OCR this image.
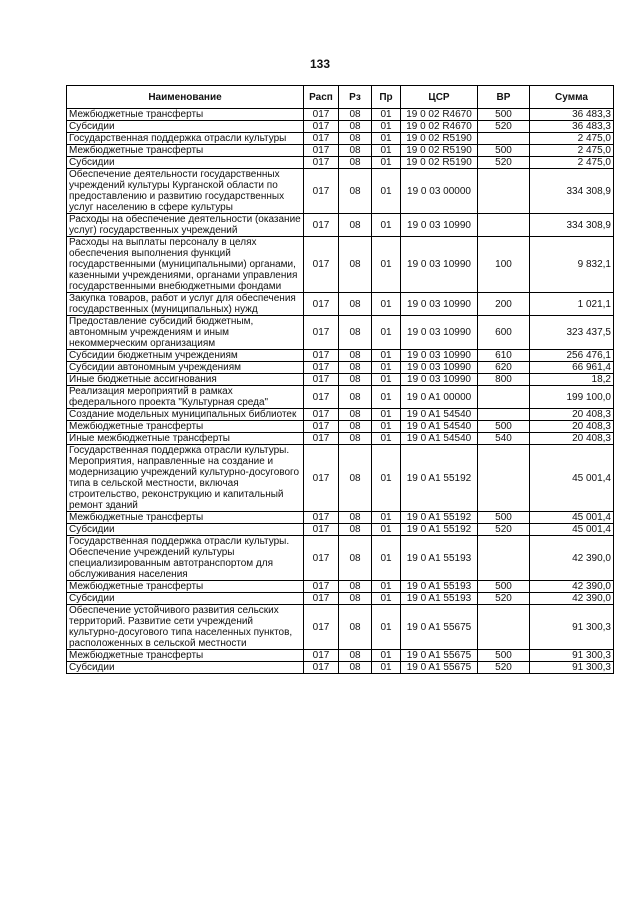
133
Наименование	Расп	Рз	Пр	ЦСР	ВР	Сумма
Межбюджетные трансферты	017	08	01	19 0 02 R4670	500	36 483,3
Субсидии	017	08	01	19 0 02 R4670	520	36 483,3
Государственная поддержка отрасли культуры	017	08	01	19 0 02 R5190		2 475,0
Межбюджетные трансферты	017	08	01	19 0 02 R5190	500	2 475,0
Субсидии	017	08	01	19 0 02 R5190	520	2 475,0
Обеспечение деятельности государственных учреждений культуры Курганской области по предоставлению и развитию государственных услуг населению в сфере культуры	017	08	01	19 0 03 00000		334 308,9
Расходы на обеспечение деятельности (оказание услуг) государственных учреждений	017	08	01	19 0 03 10990		334 308,9
Расходы на выплаты персоналу в целях обеспечения выполнения функций государственными (муниципальными) органами, казенными учреждениями, органами управления государственными внебюджетными фондами	017	08	01	19 0 03 10990	100	9 832,1
Закупка товаров, работ и услуг для обеспечения государственных (муниципальных) нужд	017	08	01	19 0 03 10990	200	1 021,1
Предоставление субсидий бюджетным, автономным учреждениям и иным некоммерческим организациям	017	08	01	19 0 03 10990	600	323 437,5
Субсидии бюджетным учреждениям	017	08	01	19 0 03 10990	610	256 476,1
Субсидии автономным учреждениям	017	08	01	19 0 03 10990	620	66 961,4
Иные бюджетные ассигнования	017	08	01	19 0 03 10990	800	18,2
Реализация мероприятий в рамках федерального проекта "Культурная среда"	017	08	01	19 0 A1 00000		199 100,0
Создание модельных муниципальных библиотек	017	08	01	19 0 A1 54540		20 408,3
Межбюджетные трансферты	017	08	01	19 0 A1 54540	500	20 408,3
Иные межбюджетные трансферты	017	08	01	19 0 A1 54540	540	20 408,3
Государственная поддержка отрасли культуры. Мероприятия, направленные на создание и модернизацию учреждений культурно-досугового типа в сельской местности, включая строительство, реконструкцию и капитальный ремонт зданий	017	08	01	19 0 A1 55192		45 001,4
Межбюджетные трансферты	017	08	01	19 0 A1 55192	500	45 001,4
Субсидии	017	08	01	19 0 A1 55192	520	45 001,4
Государственная поддержка отрасли культуры. Обеспечение учреждений культуры специализированным автотранспортом для обслуживания населения	017	08	01	19 0 A1 55193		42 390,0
Межбюджетные трансферты	017	08	01	19 0 A1 55193	500	42 390,0
Субсидии	017	08	01	19 0 A1 55193	520	42 390,0
Обеспечение устойчивого развития сельских территорий. Развитие сети учреждений культурно-досугового типа населенных пунктов, расположенных в сельской местности	017	08	01	19 0 A1 55675		91 300,3
Межбюджетные трансферты	017	08	01	19 0 A1 55675	500	91 300,3
Субсидии	017	08	01	19 0 A1 55675	520	91 300,3
